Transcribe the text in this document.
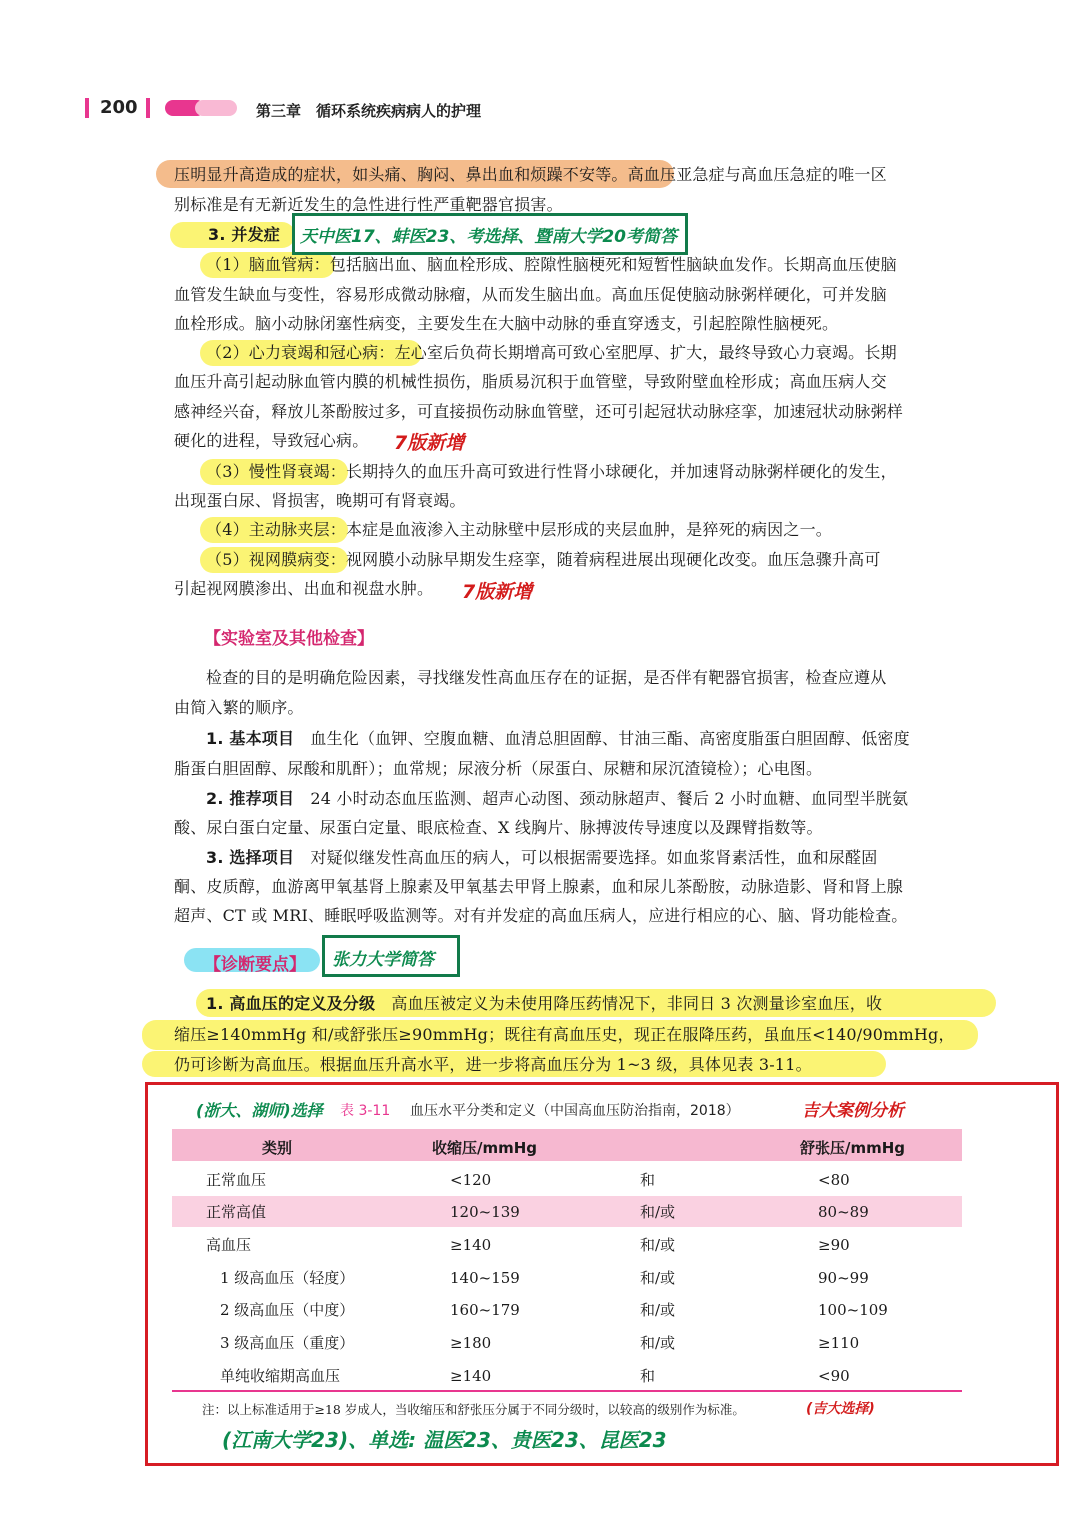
200	第三章　循环系统疾病病人的护理
压明显升高造成的症状，如头痛、胸闷、鼻出血和烦躁不安等。高血压亚急症与高血压急症的唯一区
别标准是有无新近发生的急性进行性严重靶器官损害。
3. 并发症
（1）脑血管病：包括脑出血、脑血栓形成、腔隙性脑梗死和短暂性脑缺血发作。长期高血压使脑
血管发生缺血与变性，容易形成微动脉瘤，从而发生脑出血。高血压促使脑动脉粥样硬化，可并发脑
血栓形成。脑小动脉闭塞性病变，主要发生在大脑中动脉的垂直穿透支，引起腔隙性脑梗死。
（2）心力衰竭和冠心病：左心室后负荷长期增高可致心室肥厚、扩大，最终导致心力衰竭。长期
血压升高引起动脉血管内膜的机械性损伤，脂质易沉积于血管壁，导致附壁血栓形成；高血压病人交
感神经兴奋，释放儿茶酚胺过多，可直接损伤动脉血管壁，还可引起冠状动脉痉挛，加速冠状动脉粥样
硬化的进程，导致冠心病。
（3）慢性肾衰竭：长期持久的血压升高可致进行性肾小球硬化，并加速肾动脉粥样硬化的发生，
出现蛋白尿、肾损害，晚期可有肾衰竭。
（4）主动脉夹层：本症是血液渗入主动脉壁中层形成的夹层血肿，是猝死的病因之一。
（5）视网膜病变：视网膜小动脉早期发生痉挛，随着病程进展出现硬化改变。血压急骤升高可
引起视网膜渗出、出血和视盘水肿。
【实验室及其他检查】
检查的目的是明确危险因素，寻找继发性高血压存在的证据，是否伴有靶器官损害，检查应遵从
由简入繁的顺序。
1. 基本项目　血生化（血钾、空腹血糖、血清总胆固醇、甘油三酯、高密度脂蛋白胆固醇、低密度
脂蛋白胆固醇、尿酸和肌酐）；血常规；尿液分析（尿蛋白、尿糖和尿沉渣镜检）；心电图。
2. 推荐项目　24 小时动态血压监测、超声心动图、颈动脉超声、餐后 2 小时血糖、血同型半胱氨
酸、尿白蛋白定量、尿蛋白定量、眼底检查、X 线胸片、脉搏波传导速度以及踝臂指数等。
3. 选择项目　对疑似继发性高血压的病人，可以根据需要选择。如血浆肾素活性，血和尿醛固
酮、皮质醇，血游离甲氧基肾上腺素及甲氧基去甲肾上腺素，血和尿儿茶酚胺，动脉造影、肾和肾上腺
超声、CT 或 MRI、睡眠呼吸监测等。对有并发症的高血压病人，应进行相应的心、脑、肾功能检查。
【诊断要点】
1. 高血压的定义及分级　高血压被定义为未使用降压药情况下，非同日 3 次测量诊室血压，收
缩压≥140mmHg 和/或舒张压≥90mmHg；既往有高血压史，现正在服降压药，虽血压<140/90mmHg，
仍可诊断为高血压。根据血压升高水平，进一步将高血压分为 1~3 级，具体见表 3-11。
天中医17、蚌医23、考选择、暨南大学20考简答
7版新增
7版新增
张力大学简答
(浙大、湖师)选择 表 3-11 血压水平分类和定义（中国高血压防治指南，2018）	吉大案例分析
类别	收缩压/mmHg	舒张压/mmHg
正常血压	<120	和	<80
正常高值	120~139	和/或	80~89
高血压	≥140	和/或	≥90
1 级高血压（轻度）	140~159	和/或	90~99
2 级高血压（中度）	160~179	和/或	100~109
3 级高血压（重度）	≥180	和/或	≥110
单纯收缩期高血压	≥140	和	<90
注：以上标准适用于≥18 岁成人，当收缩压和舒张压分属于不同分级时，以较高的级别作为标准。	(吉大选择)
(江南大学23)、单选: 温医23、贵医23、昆医23
